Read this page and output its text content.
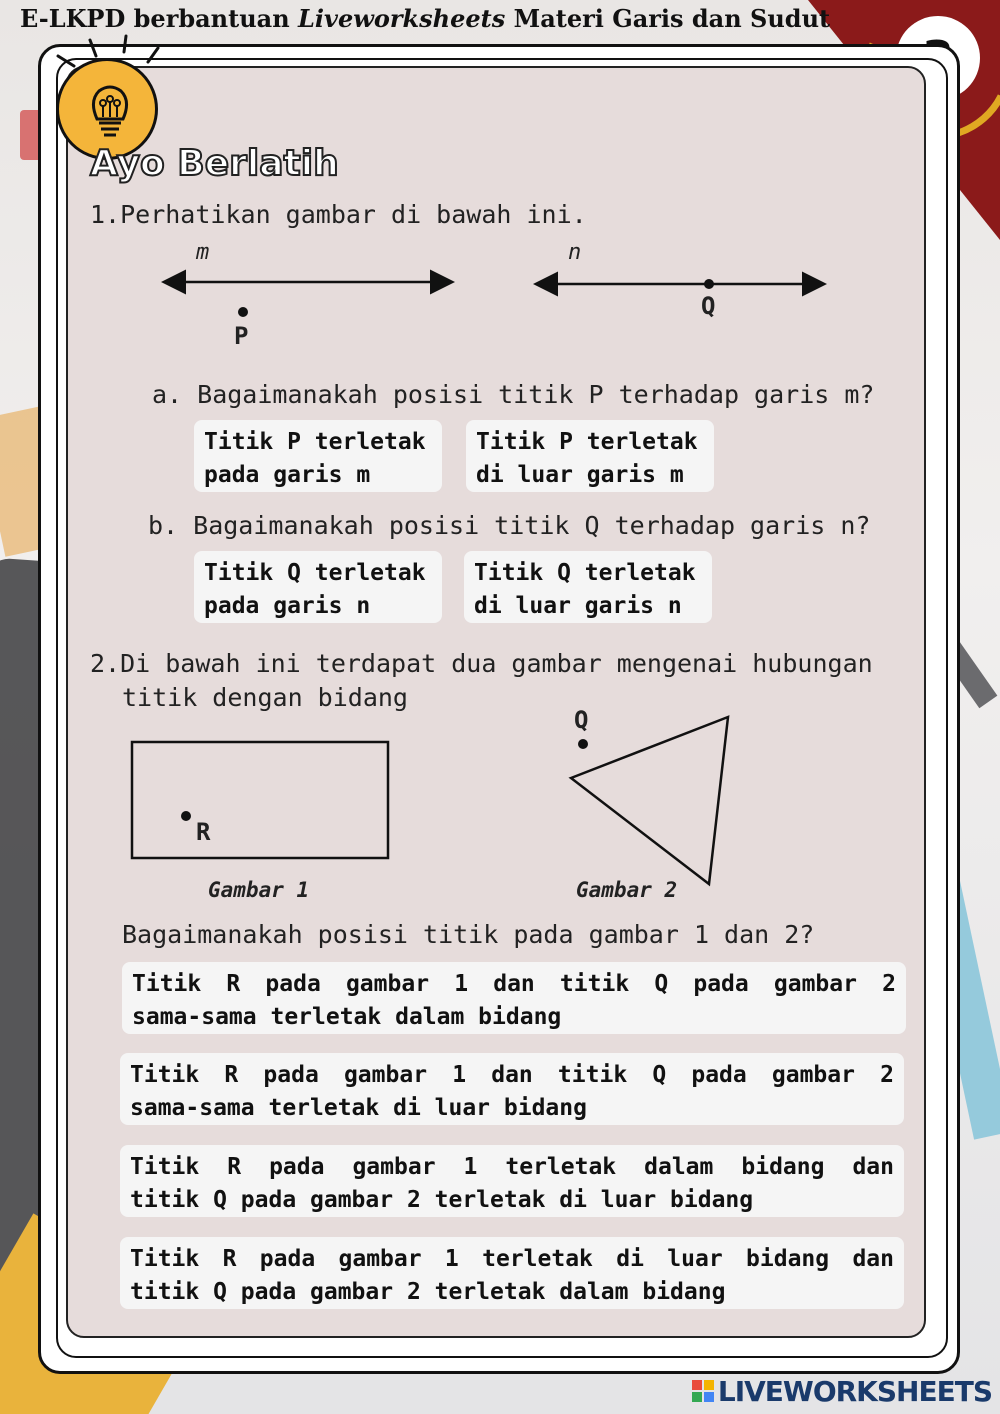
E-LKPD berbantuan Liveworksheets Materi Garis dan Sudut
Ayo Berlatih
1.Perhatikan gambar di bawah ini.
m	n
P
Q
a. Bagaimanakah posisi titik P terhadap garis m?
Titik P terletak
pada garis m
Titik P terletak
di luar garis m
b. Bagaimanakah posisi titik Q terhadap garis n?
Titik Q terletak
pada garis n
Titik Q terletak
di luar garis n
2.Di bawah ini terdapat dua gambar mengenai hubungan
titik dengan bidang
R
Q
Gambar 1	Gambar 2
Bagaimanakah posisi titik pada gambar 1 dan 2?
Titik R pada gambar 1 dan titik Q pada gambar 2
sama-sama terletak dalam bidang
Titik R pada gambar 1 dan titik Q pada gambar 2
sama-sama terletak di luar bidang
Titik R pada gambar 1 terletak dalam bidang dan
titik Q pada gambar 2 terletak di luar bidang
Titik R pada gambar 1 terletak di luar bidang dan
titik Q pada gambar 2 terletak dalam bidang
LIVEWORKSHEETS
